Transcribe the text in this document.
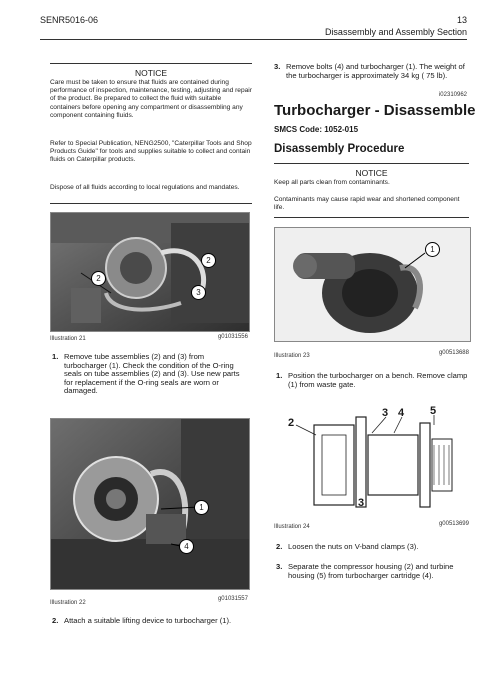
SENR5016-06	13
Disassembly and Assembly Section
NOTICE
Care must be taken to ensure that fluids are contained during performance of inspection, maintenance, testing, adjusting and repair of the product. Be prepared to collect the fluid with suitable containers before opening any compartment or disassembling any component containing fluids.
Refer to Special Publication, NENG2500, "Caterpillar Tools and Shop Products Guide" for tools and supplies suitable to collect and contain fluids on Caterpillar products.
Dispose of all fluids according to local regulations and mandates.
2
2
3
Illustration 21	g01031556
1. Remove tube assemblies (2) and (3) from turbocharger (1). Check the condition of the O-ring seals on tube assemblies (2) and (3). Use new parts for replacement if the O-ring seals are worn or damaged.
1
4
Illustration 22
g01031557
2. Attach a suitable lifting device to turbocharger (1).
3. Remove bolts (4) and turbocharger (1). The weight of the turbocharger is approximately 34 kg ( 75 lb).
i02310962
Turbocharger - Disassemble
SMCS Code: 1052-015
Disassembly Procedure
NOTICE
Keep all parts clean from contaminants.
Contaminants may cause rapid wear and shortened component life.
1
Illustration 23	g00513688
1. Position the turbocharger on a bench. Remove clamp (1) from waste gate.
2
3 4 5
3
Illustration 24	g00513699
2. Loosen the nuts on V-band clamps (3).
3. Separate the compressor housing (2) and turbine housing (5) from turbocharger cartridge (4).
